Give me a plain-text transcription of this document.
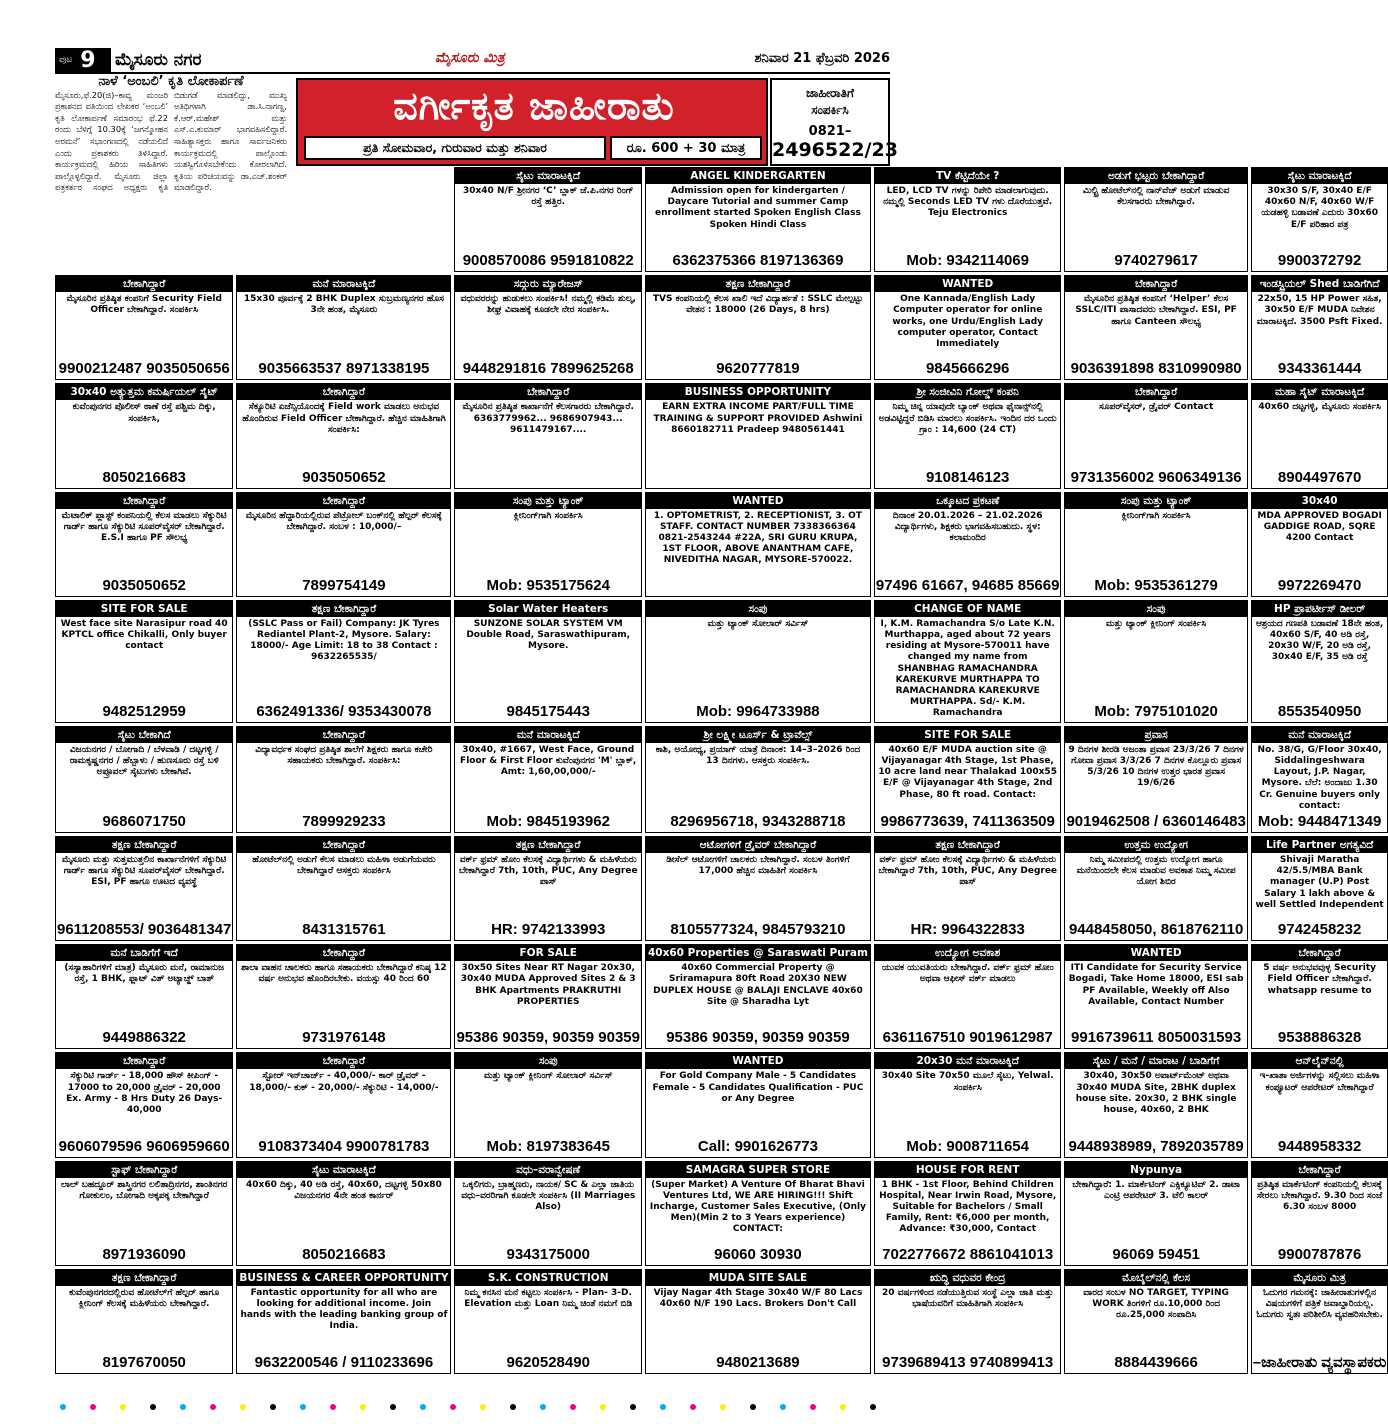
ಪುಟ 9 ಮೈಸೂರು ನಗರ	ಮೈಸೂರು ಮಿತ್ರ	ಶನಿವಾರ 21 ಫೆಬ್ರವರಿ 2026
ನಾಳೆ ‘ಅಂಬಲಿ’ ಕೃತಿ ಲೋಕಾರ್ಪಣೆ
ಮೈಸೂರು,ಫೆ.20(ಜಿ)–ಕಾವ್ಯ ಮಂಜರಿ ಪ್ರಕಾಶನದ ವತಿಯಿಂದ ಲೇಖಕರ ‘ಅಂಬಲಿ’ ಕೃತಿ ಲೋಕಾರ್ಪಣೆ ಸಮಾರಂಭ ಫೆ.22 ರಂದು ಬೆಳಿಗ್ಗೆ 10.30ಕ್ಕೆ ‘ಜಗನ್ಮೋಹನ ಅರಮನೆ’ ಸಭಾಂಗಣದಲ್ಲಿ ನಡೆಯಲಿದೆ ಎಂದು ಪ್ರಕಾಶಕರು ತಿಳಿಸಿದ್ದಾರೆ. ಕಾರ್ಯಕ್ರಮದಲ್ಲಿ ಹಿರಿಯ ಸಾಹಿತಿಗಳು ಪಾಲ್ಗೊಳ್ಳಲಿದ್ದಾರೆ. ಮೈಸೂರು ಜಿಲ್ಲಾ ಪತ್ರಕರ್ತರ ಸಂಘದ ಅಧ್ಯಕ್ಷರು ಕೃತಿ ಬಿಡುಗಡೆ ಮಾಡಲಿದ್ದು, ಮುಖ್ಯ ಅತಿಥಿಗಳಾಗಿ ಡಾ.ಸಿ.ನಾಗಣ್ಣ, ಕೆ.ಆರ್.ಮಹೇಶ್ ಮತ್ತು ಎಸ್.ಎ.ಕುಮಾರ್ ಭಾಗವಹಿಸಲಿದ್ದಾರೆ. ಸಾಹಿತ್ಯಾಸಕ್ತರು ಹಾಗೂ ಸಾರ್ವಜನಿಕರು ಕಾರ್ಯಕ್ರಮದಲ್ಲಿ ಪಾಲ್ಗೊಂಡು ಯಶಸ್ವಿಗೊಳಿಸಬೇಕೆಂದು ಕೋರಲಾಗಿದೆ. ಕೃತಿಯ ಪರಿಚಯವನ್ನು ಡಾ.ಎಚ್.ಶಂಕರ್ ಮಾಡಲಿದ್ದಾರೆ.
ವರ್ಗೀಕೃತ ಜಾಹೀರಾತು
ಪ್ರತಿ ಸೋಮವಾರ, ಗುರುವಾರ ಮತ್ತು ಶನಿವಾರ	ರೂ. 600 + 30 ಮಾತ್ರ
ಜಾಹೀರಾತಿಗೆ
ಸಂಪರ್ಕಿಸಿ
0821–
2496522/23
ಸೈಟು ಮಾರಾಟಕ್ಕಿದೆ
30x40 N/F ಶ್ರೀನಗರ ‘C’ ಬ್ಲಾಕ್ ಜೆ.ಪಿ.ನಗರ ರಿಂಗ್ ರಸ್ತೆ ಹತ್ತಿರ.
9008570086 9591810822
ANGEL KINDERGARTEN
Admission open for kindergarten / Daycare Tutorial and summer Camp enrollment started Spoken English Class Spoken Hindi Class
6362375366 8197136369
TV ಕೆಟ್ಟಿದೆಯೇ ?
LED, LCD TV ಗಳನ್ನು ರಿಪೇರಿ ಮಾಡಲಾಗುವುದು. ನಮ್ಮಲ್ಲಿ Seconds LED TV ಗಳು ದೊರೆಯುತ್ತವೆ. Teju Electronics
Mob: 9342114069
ಅಡುಗೆ ಭಟ್ಟರು ಬೇಕಾಗಿದ್ದಾರೆ
ಮಿಲ್ಟ್ರಿ ಹೋಟೆಲ್‌ನಲ್ಲಿ ನಾನ್‌ವೆಜ್ ಅಡುಗೆ ಮಾಡುವ ಕೆಲಸಗಾರರು ಬೇಕಾಗಿದ್ದಾರೆ.
9740279617
ಸೈಟು ಮಾರಾಟಕ್ಕಿದೆ
30x30 S/F, 30x40 E/F 40x60 N/F, 40x60 W/F ಯಡಹಳ್ಳಿ ಬಡಾವಣೆ ಎದುರು 30x60 E/F ಪರಿಹಾರ ಪತ್ರ
9900372792
ಬೇಕಾಗಿದ್ದಾರೆ
ಮೈಸೂರಿನ ಪ್ರತಿಷ್ಠಿತ ಕಂಪನಿಗೆ Security Field Officer ಬೇಕಾಗಿದ್ದಾರೆ. ಸಂಪರ್ಕಿಸಿ
9900212487 9035050656
ಮನೆ ಮಾರಾಟಕ್ಕಿದೆ
15x30 ಪೂರ್ವಕ್ಕೆ 2 BHK Duplex ಸುಬ್ರಮಣ್ಯನಗರ ಹೊಸ 3ನೇ ಹಂತ, ಮೈಸೂರು
9035663537 8971338195
ಸದ್ಗುರು ಮ್ಯಾರೇಜಸ್
ವಧುವರರನ್ನು ಹುಡುಕಲು ಸಂಪರ್ಕಿಸಿ! ನಮ್ಮಲ್ಲಿ ಕಡಿಮೆ ಶುಲ್ಕ, ಶೀಘ್ರ ವಿವಾಹಕ್ಕೆ ಕೂಡಲೇ ನೇರ ಸಂಪರ್ಕಿಸಿ.
9448291816 7899625268
ತಕ್ಷಣ ಬೇಕಾಗಿದ್ದಾರೆ
TVS ಕಂಪನಿಯಲ್ಲಿ ಕೆಲಸ ಖಾಲಿ ಇದೆ ವಿದ್ಯಾರ್ಹತೆ : SSLC ಮೇಲ್ಪಟ್ಟು ವೇತನ : 18000 (26 Days, 8 hrs)
9620777819
WANTED
One Kannada/English Lady Computer operator for online works, one Urdu/English Lady computer operator, Contact Immediately
9845666296
ಬೇಕಾಗಿದ್ದಾರೆ
ಮೈಸೂರಿನ ಪ್ರತಿಷ್ಠಿತ ಕಂಪನಿಗೆ ‘Helper’ ಕೆಲಸ SSLC/ITI ಪಾಸಾದವರು ಬೇಕಾಗಿದ್ದಾರೆ. ESI, PF ಹಾಗೂ Canteen ಸೌಲಭ್ಯ
9036391898 8310990980
ಇಂಡಸ್ಟ್ರಿಯಲ್ Shed ಬಾಡಿಗೆಗಿದೆ
22x50, 15 HP Power ಸಹಿತ, 30x50 E/F MUDA ನಿವೇಶನ ಮಾರಾಟಕ್ಕಿದೆ. 3500 Psft Fixed.
9343361444
30x40 ಅತ್ಯುತ್ತಮ ಕಮರ್ಷಿಯಲ್ ಸೈಟ್
ಕುವೆಂಪುನಗರ ಪೊಲೀಸ್ ಠಾಣೆ ರಸ್ತೆ ಪಶ್ಚಿಮ ದಿಕ್ಕು, ಸಂಪರ್ಕಿಸಿ,
8050216683
ಬೇಕಾಗಿದ್ದಾರೆ
ಸೆಕ್ಯೂರಿಟಿ ಏಜೆನ್ಸಿಯೊಂದಕ್ಕೆ Field work ಮಾಡಲು ಅನುಭವ ಹೊಂದಿರುವ Field Officer ಬೇಕಾಗಿದ್ದಾರೆ. ಹೆಚ್ಚಿನ ಮಾಹಿತಿಗಾಗಿ ಸಂಪರ್ಕಿಸಿ:
9035050652
ಬೇಕಾಗಿದ್ದಾರೆ
ಮೈಸೂರಿನ ಪ್ರತಿಷ್ಠಿತ ಕಾರ್ಖಾನೆಗೆ ಕೆಲಸಗಾರರು ಬೇಕಾಗಿದ್ದಾರೆ. 6363779962... 9686907943... 9611479167....
BUSINESS OPPORTUNITY
EARN EXTRA INCOME PART/FULL TIME TRAINING & SUPPORT PROVIDED Ashwini 8660182711 Pradeep 9480561441
ಶ್ರೀ ಸಂಜೀವಿನಿ ಗೋಲ್ಡ್ ಕಂಪನಿ
ನಿಮ್ಮ ಚಿನ್ನ ಯಾವುದೇ ಬ್ಯಾಂಕ್ ಅಥವಾ ಫೈನಾನ್ಸ್‌ನಲ್ಲಿ ಅಡವಿಟ್ಟಿದ್ದರೆ ಬಿಡಿಸಿ ಮಾರಲು ಸಂಪರ್ಕಿಸಿ. ಇಂದಿನ ದರ ಒಂದು ಗ್ರಾಂ : 14,600 (24 CT)
9108146123
ಬೇಕಾಗಿದ್ದಾರೆ
ಸೂಪರ್‌ವೈಸರ್, ಡ್ರೈವರ್ Contact
9731356002 9606349136
ಮಹಾ ಸೈಟ್ ಮಾರಾಟಕ್ಕಿದೆ
40x60 ದಟ್ಟಗಳ್ಳಿ, ಮೈಸೂರು ಸಂಪರ್ಕಿಸಿ
8904497670
ಬೇಕಾಗಿದ್ದಾರೆ
ಮೆಟಾಲಿಕ್ ಪ್ಲಾಸ್ಟ್ ಕಂಪನಿಯಲ್ಲಿ ಕೆಲಸ ಮಾಡಲು ಸೆಕ್ಯುರಿಟಿ ಗಾರ್ಡ್ ಹಾಗೂ ಸೆಕ್ಯುರಿಟಿ ಸೂಪರ್‌ವೈಸರ್ ಬೇಕಾಗಿದ್ದಾರೆ. E.S.I ಹಾಗೂ PF ಸೌಲಭ್ಯ
9035050652
ಬೇಕಾಗಿದ್ದಾರೆ
ಮೈಸೂರಿನ ಹೆದ್ದಾರಿಯಲ್ಲಿರುವ ಪೆಟ್ರೋಲ್ ಬಂಕ್‌ನಲ್ಲಿ ಹೆಲ್ಪರ್ ಕೆಲಸಕ್ಕೆ ಬೇಕಾಗಿದ್ದಾರೆ. ಸಂಬಳ : 10,000/–
7899754149
ಸಂಪು ಮತ್ತು ಟ್ಯಾಂಕ್
ಕ್ಲೀನಿಂಗ್‌ಗಾಗಿ ಸಂಪರ್ಕಿಸಿ
Mob: 9535175624
WANTED
1. OPTOMETRIST, 2. RECEPTIONIST, 3. OT STAFF. CONTACT NUMBER 7338366364 0821-2543244 #22A, SRI GURU KRUPA, 1ST FLOOR, ABOVE ANANTHAM CAFE, NIVEDITHA NAGAR, MYSORE-570022.
ಒಕ್ಕೂಟದ ಪ್ರಕಟಣೆ
ದಿನಾಂಕ 20.01.2026 – 21.02.2026 ವಿದ್ಯಾರ್ಥಿಗಳು, ಶಿಕ್ಷಕರು ಭಾಗವಹಿಸಬಹುದು. ಸ್ಥಳ: ಕಲಾಮಂದಿರ
97496 61667, 94685 85669
ಸಂಪು ಮತ್ತು ಟ್ಯಾಂಕ್
ಕ್ಲೀನಿಂಗ್‌ಗಾಗಿ ಸಂಪರ್ಕಿಸಿ
Mob: 9535361279
30x40
MDA APPROVED BOGADI GADDIGE ROAD, SQRE 4200 Contact
9972269470
SITE FOR SALE
West face site Narasipur road 40 KPTCL office Chikalli, Only buyer contact
9482512959
ತಕ್ಷಣ ಬೇಕಾಗಿದ್ದಾರೆ
(SSLC Pass or Fail) Company: JK Tyres Rediantel Plant-2, Mysore. Salary: 18000/- Age Limit: 18 to 38 Contact : 9632265535/
6362491336/ 9353430078
Solar Water Heaters
SUNZONE SOLAR SYSTEM VM Double Road, Saraswathipuram, Mysore.
9845175443
ಸಂಪು
ಮತ್ತು ಟ್ಯಾಂಕ್ ಸೋಲಾರ್ ಸರ್ವಿಸ್
Mob: 9964733988
CHANGE OF NAME
I, K.M. Ramachandra S/o Late K.N. Murthappa, aged about 72 years residing at Mysore-570011 have changed my name from SHANBHAG RAMACHANDRA KAREKURVE MURTHAPPA TO RAMACHANDRA KAREKURVE MURTHAPPA. Sd/- K.M. Ramachandra
ಸಂಪು
ಮತ್ತು ಟ್ಯಾಂಕ್ ಕ್ಲೀನಿಂಗ್ ಸಂಪರ್ಕಿಸಿ
Mob: 7975101020
HP ಪ್ರಾಪರ್ಟೀಸ್ ಡೀಲರ್
ಆಶ್ರಯದ ಗಣಪತಿ ಬಡಾವಣೆ 18ನೇ ಹಂತ, 40x60 S/F, 40 ಅಡಿ ರಸ್ತೆ, 20x30 W/F, 20 ಅಡಿ ರಸ್ತೆ, 30x40 E/F, 35 ಅಡಿ ರಸ್ತೆ
8553540950
ಸೈಟು ಬೇಕಾಗಿದೆ
ವಿಜಯನಗರ / ಬೋಗಾದಿ / ಬೆಳವಾಡಿ / ದಟ್ಟಗಳ್ಳಿ / ರಾಮಕೃಷ್ಣನಗರ / ಹೆಬ್ಬಾಳು / ಹುಣಸೂರು ರಸ್ತೆ ಬಳಿ ಅಪ್ರೂವಲ್ ಸೈಟುಗಳು ಬೇಕಾಗಿವೆ.
9686071750
ಬೇಕಾಗಿದ್ದಾರೆ
ವಿದ್ಯಾವರ್ಧಕ ಸಂಘದ ಪ್ರತಿಷ್ಠಿತ ಶಾಲೆಗೆ ಶಿಕ್ಷಕರು ಹಾಗೂ ಕಚೇರಿ ಸಹಾಯಕರು ಬೇಕಾಗಿದ್ದಾರೆ. ಸಂಪರ್ಕಿಸಿ:
7899929233
ಮನೆ ಮಾರಾಟಕ್ಕಿದೆ
30x40, #1667, West Face, Ground Floor & First Floor ಕುವೆಂಪುನಗರ 'M' ಬ್ಲಾಕ್, Amt: 1,60,00,000/-
Mob: 9845193962
ಶ್ರೀ ಲಕ್ಷ್ಮೀ ಟೂರ್ಸ್ & ಟ್ರಾವೆಲ್ಸ್
ಕಾಶಿ, ಅಯೋಧ್ಯ, ಪ್ರಯಾಗ್ ಯಾತ್ರೆ ದಿನಾಂಕ: 14–3–2026 ರಿಂದ 13 ದಿನಗಳು. ಆಸಕ್ತರು ಸಂಪರ್ಕಿಸಿ.
8296956718, 9343288718
SITE FOR SALE
40x60 E/F MUDA auction site @ Vijayanagar 4th Stage, 1st Phase, 10 acre land near Thalakad 100x55 E/F @ Vijayanagar 4th Stage, 2nd Phase, 80 ft road. Contact:
9986773639, 7411363509
ಪ್ರವಾಸ
9 ದಿನಗಳ ಶೀರಡಿ ಅಜಂತಾ ಪ್ರವಾಸ 23/3/26 7 ದಿನಗಳ ಗೋವಾ ಪ್ರವಾಸ 3/3/26 7 ದಿನಗಳ ಕೊಲ್ಲೂರು ಪ್ರವಾಸ 5/3/26 10 ದಿನಗಳ ಉತ್ತರ ಭಾರತ ಪ್ರವಾಸ 19/6/26
9019462508 / 6360146483
ಮನೆ ಮಾರಾಟಕ್ಕಿದೆ
No. 38/G, G/Floor 30x40, Siddalingeshwara Layout, J.P. Nagar, Mysore. ಬೆಲೆ: ಅಂದಾಜು 1.30 Cr. Genuine buyers only contact:
Mob: 9448471349
ತಕ್ಷಣ ಬೇಕಾಗಿದ್ದಾರೆ
ಮೈಸೂರು ಮತ್ತು ಸುತ್ತಮುತ್ತಲಿನ ಕಾರ್ಖಾನೆಗಳಿಗೆ ಸೆಕ್ಯುರಿಟಿ ಗಾರ್ಡ್ ಹಾಗೂ ಸೆಕ್ಯುರಿಟಿ ಸೂಪರ್‌ವೈಸರ್ ಬೇಕಾಗಿದ್ದಾರೆ. ESI, PF ಹಾಗೂ ಊಟದ ವ್ಯವಸ್ಥೆ
9611208553/ 9036481347
ಬೇಕಾಗಿದ್ದಾರೆ
ಹೋಟೆಲ್‌ನಲ್ಲಿ ಅಡುಗೆ ಕೆಲಸ ಮಾಡಲು ಮಹಿಳಾ ಅಡುಗೆಯವರು ಬೇಕಾಗಿದ್ದಾರೆ ಆಸಕ್ತರು ಸಂಪರ್ಕಿಸಿ
8431315761
ತಕ್ಷಣ ಬೇಕಾಗಿದ್ದಾರೆ
ವರ್ಕ್ ಫ್ರಮ್ ಹೋಂ ಕೆಲಸಕ್ಕೆ ವಿದ್ಯಾರ್ಥಿಗಳು & ಮಹಿಳೆಯರು ಬೇಕಾಗಿದ್ದಾರೆ 7th, 10th, PUC, Any Degree ಪಾಸ್
HR: 9742133993
ಆಟೋಗಳಿಗೆ ಡ್ರೈವರ್ ಬೇಕಾಗಿದ್ದಾರೆ
ಡೀಸೆಲ್ ಆಟೋಗಳಿಗೆ ಚಾಲಕರು ಬೇಕಾಗಿದ್ದಾರೆ. ಸಂಬಳ ತಿಂಗಳಿಗೆ 17,000 ಹೆಚ್ಚಿನ ಮಾಹಿತಿಗೆ ಸಂಪರ್ಕಿಸಿ
8105577324, 9845793210
ತಕ್ಷಣ ಬೇಕಾಗಿದ್ದಾರೆ
ವರ್ಕ್ ಫ್ರಮ್ ಹೋಂ ಕೆಲಸಕ್ಕೆ ವಿದ್ಯಾರ್ಥಿಗಳು & ಮಹಿಳೆಯರು ಬೇಕಾಗಿದ್ದಾರೆ 7th, 10th, PUC, Any Degree ಪಾಸ್
HR: 9964322833
ಉತ್ತಮ ಉದ್ಯೋಗ
ನಿಮ್ಮ ಸಮೀಪದಲ್ಲಿ ಉತ್ತಮ ಉದ್ಯೋಗ ಹಾಗೂ ಮನೆಯಿಂದಲೇ ಕೆಲಸ ಮಾಡುವ ಅವಕಾಶ ನಿಮ್ಮ ಸಮೀಪ ಯೋಗ ಶಿಬಿರ
9448458050, 8618762110
Life Partner ಅಗತ್ಯವಿದೆ
Shivaji Maratha 42/5.5/MBA Bank manager (U.P) Post Salary 1 lakh above & well Settled Independent
9742458232
ಮನೆ ಬಾಡಿಗೆಗೆ ಇದೆ
(ಸಸ್ಯಾಹಾರಿಗಳಿಗೆ ಮಾತ್ರ) ಮೈಸೂರು ಮನೆ, ರಾಮಾನುಜ ರಸ್ತೆ, 1 BHK, ಫ್ಲಾಟ್ ವಿತ್ ಅಟ್ಯಾಚ್ಡ್ ಬಾತ್
9449886322
ಬೇಕಾಗಿದ್ದಾರೆ
ಶಾಲಾ ವಾಹನ ಚಾಲಕರು ಹಾಗೂ ಸಹಾಯಕರು ಬೇಕಾಗಿದ್ದಾರೆ ಕನಿಷ್ಠ 12 ವರ್ಷ ಅನುಭವ ಹೊಂದಿರಬೇಕು. ವಯಸ್ಸು 40 ರಿಂದ 60
9731976148
FOR SALE
30x50 Sites Near RT Nagar 20x30, 30x40 MUDA Approved Sites 2 & 3 BHK Apartments PRAKRUTHI PROPERTIES
95386 90359, 90359 90359
40x60 Properties @ Saraswati Puram
40x60 Commercial Property @ Sriramapura 80ft Road 20X30 NEW DUPLEX HOUSE @ BALAJI ENCLAVE 40x60 Site @ Sharadha Lyt
95386 90359, 90359 90359
ಉದ್ಯೋಗ ಅವಕಾಶ
ಯುವಕ ಯುವತಿಯರು ಬೇಕಾಗಿದ್ದಾರೆ. ವರ್ಕ್ ಫ್ರಮ್ ಹೋಂ ಅಥವಾ ಆಫೀಸ್ ವರ್ಕ್ ಮಾಡಲು
6361167510 9019612987
WANTED
ITI Candidate for Security Service Bogadi, Take Home 18000, ESI sab PF Available, Weekly off Also Available, Contact Number
9916739611 8050031593
ಬೇಕಾಗಿದ್ದಾರೆ
5 ವರ್ಷ ಅನುಭವವುಳ್ಳ Security Field Officer ಬೇಕಾಗಿದ್ದಾರೆ. whatsapp resume to
9538886328
ಬೇಕಾಗಿದ್ದಾರೆ
ಸೆಕ್ಯುರಿಟಿ ಗಾರ್ಡ್ - 18,000 ಹೌಸ್ ಕೀಪಿಂಗ್ - 17000 to 20,000 ಡ್ರೈವರ್ - 20,000 Ex. Army - 8 Hrs Duty 26 Days- 40,000
9606079596 9606959660
ಬೇಕಾಗಿದ್ದಾರೆ
ಸ್ಟೋರ್ ಇನ್‌ಚಾರ್ಜ್ - 40,000/- ಕಾರ್ ಡ್ರೈವರ್ - 18,000/- ಕುಕ್ - 20,000/- ಸೆಕ್ಯುರಿಟಿ - 14,000/-
9108373404 9900781783
ಸಂಪು
ಮತ್ತು ಟ್ಯಾಂಕ್ ಕ್ಲೀನಿಂಗ್ ಸೋಲಾರ್ ಸರ್ವಿಸ್
Mob: 8197383645
WANTED
For Gold Company Male - 5 Candidates Female - 5 Candidates Qualification - PUC or Any Degree
Call: 9901626773
20x30 ಮನೆ ಮಾರಾಟಕ್ಕಿದೆ
30x40 Site 70x50 ಮೂಲೆ ಸೈಟು, Yelwal. ಸಂಪರ್ಕಿಸಿ
Mob: 9008711654
ಸೈಟು / ಮನೆ / ಮಾರಾಟ / ಬಾಡಿಗೆಗೆ
30x40, 30x50 ಅಪಾರ್ಟ್‌ಮೆಂಟ್ ಅಥವಾ 30x40 MUDA Site, 2BHK duplex house site. 20x30, 2 BHK single house, 40x60, 2 BHK
9448938989, 7892035789
ಆನ್‌ಲೈನ್‌ನಲ್ಲಿ
ಇ-ಖಾತಾ ಅರ್ಜಿಗಳನ್ನು ಸಲ್ಲಿಸಲು ಮಹಿಳಾ ಕಂಪ್ಯೂಟರ್ ಆಪರೇಟರ್ ಬೇಕಾಗಿದ್ದಾರೆ
9448958332
ಸ್ಟಾಫ್ ಬೇಕಾಗಿದ್ದಾರೆ
ಲಾಲ್ ಬಹದ್ದೂರ್ ಶಾಸ್ತ್ರಿನಗರ ಲಲಿತಾದ್ರಿನಗರ, ಶಾಂತಿನಗರ ಗೋಕುಲಂ, ಬೋಗಾದಿ ಅಕ್ಕಪಕ್ಕ ಬೇಕಾಗಿದ್ದಾರೆ
8971936090
ಸೈಟು ಮಾರಾಟಕ್ಕಿದೆ
40x60 ದಿಕ್ಕು, 40 ಅಡಿ ರಸ್ತೆ, 40x60, ದಟ್ಟಗಳ್ಳಿ 50x80 ವಿಜಯನಗರ 4ನೇ ಹಂತ ಕಾರ್ನರ್
8050216683
ವಧು–ವರಾನ್ವೇಷಣೆ
ಒಕ್ಕಲಿಗರು, ಬ್ರಾಹ್ಮಣರು, ನಾಯಕ/ SC & ಎಲ್ಲಾ ಜಾತಿಯ ವಧು–ವರರಿಗಾಗಿ ಕೂಡಲೇ ಸಂಪರ್ಕಿಸಿ (II Marriages Also)
9343175000
SAMAGRA SUPER STORE
(Super Market) A Venture Of Bharat Bhavi Ventures Ltd, WE ARE HIRING!!! Shift Incharge, Customer Sales Executive, (Only Men)(Min 2 to 3 Years experience) CONTACT:
96060 30930
HOUSE FOR RENT
1 BHK - 1st Floor, Behind Children Hospital, Near Irwin Road, Mysore, Suitable for Bachelors / Small Family, Rent: ₹6,000 per month, Advance: ₹30,000, Contact
7022776672 8861041013
Nypunya
ಬೇಕಾಗಿದ್ದಾರೆ: 1. ಮಾರ್ಕೆಟಿಂಗ್ ಎಕ್ಸಿಕ್ಯೂಟಿವ್ 2. ಡಾಟಾ ಎಂಟ್ರಿ ಆಪರೇಟರ್ 3. ಟೆಲಿ ಕಾಲರ್
96069 59451
ಬೇಕಾಗಿದ್ದಾರೆ
ಪ್ರತಿಷ್ಠಿತ ಮಾರ್ಕೆಟಿಂಗ್ ಕಂಪನಿಯಲ್ಲಿ ಕೆಲಸಕ್ಕೆ ಸೇರಲು ಬೇಕಾಗಿದ್ದಾರೆ. 9.30 ರಿಂದ ಸಂಜೆ 6.30 ಸಂಬಳ 8000
9900787876
ತಕ್ಷಣ ಬೇಕಾಗಿದ್ದಾರೆ
ಕುವೆಂಪುನಗರದಲ್ಲಿರುವ ಹೋಟೆಲ್‌ಗೆ ಹೆಲ್ಪರ್ ಹಾಗೂ ಕ್ಲೀನಿಂಗ್ ಕೆಲಸಕ್ಕೆ ಮಹಿಳೆಯರು ಬೇಕಾಗಿದ್ದಾರೆ.
8197670050
BUSINESS & CAREER OPPORTUNITY
Fantastic opportunity for all who are looking for additional income. Join hands with the leading banking group of India.
9632200546 / 9110233696
S.K. CONSTRUCTION
ನಿಮ್ಮ ಕನಸಿನ ಮನೆ ಕಟ್ಟಲು ಸಂಪರ್ಕಿಸಿ - Plan- 3-D. Elevation ಮತ್ತು Loan ನಿಮ್ಮ ಚಿಂತೆ ನಮಗೆ ಬಿಡಿ
9620528490
MUDA SITE SALE
Vijay Nagar 4th Stage 30x40 W/F 80 Lacs 40x60 N/F 190 Lacs. Brokers Don't Call
9480213689
ಋದ್ಧಿ ವಧುವರ ಕೇಂದ್ರ
20 ವರ್ಷಗಳಿಂದ ನಡೆಯುತ್ತಿರುವ ಸಂಸ್ಥೆ ಎಲ್ಲಾ ಜಾತಿ ಮತ್ತು ಭಾಷೆಯವರಿಗೆ ಮಾಹಿತಿಗಾಗಿ ಸಂಪರ್ಕಿಸಿ
9739689413 9740899413
ಮೊಬೈಲ್‌ನಲ್ಲಿ ಕೆಲಸ
ವಾರದ ಸಂಬಳ NO TARGET, TYPING WORK ತಿಂಗಳಿಗೆ ರೂ.10,000 ರಿಂದ ರೂ.25,000 ಸಂಪಾದಿಸಿ
8884439666
ಮೈಸೂರು ಮಿತ್ರ
ಓದುಗರ ಗಮನಕ್ಕೆ: ಜಾಹೀರಾತುಗಳಲ್ಲಿನ ವಿಷಯಗಳಿಗೆ ಪತ್ರಿಕೆ ಜವಾಬ್ದಾರಿಯಲ್ಲ. ಓದುಗರು ಸ್ವತಃ ಪರಿಶೀಲಿಸಿ ವ್ಯವಹರಿಸಬೇಕು.
–ಜಾಹೀರಾತು ವ್ಯವಸ್ಥಾಪಕರು
